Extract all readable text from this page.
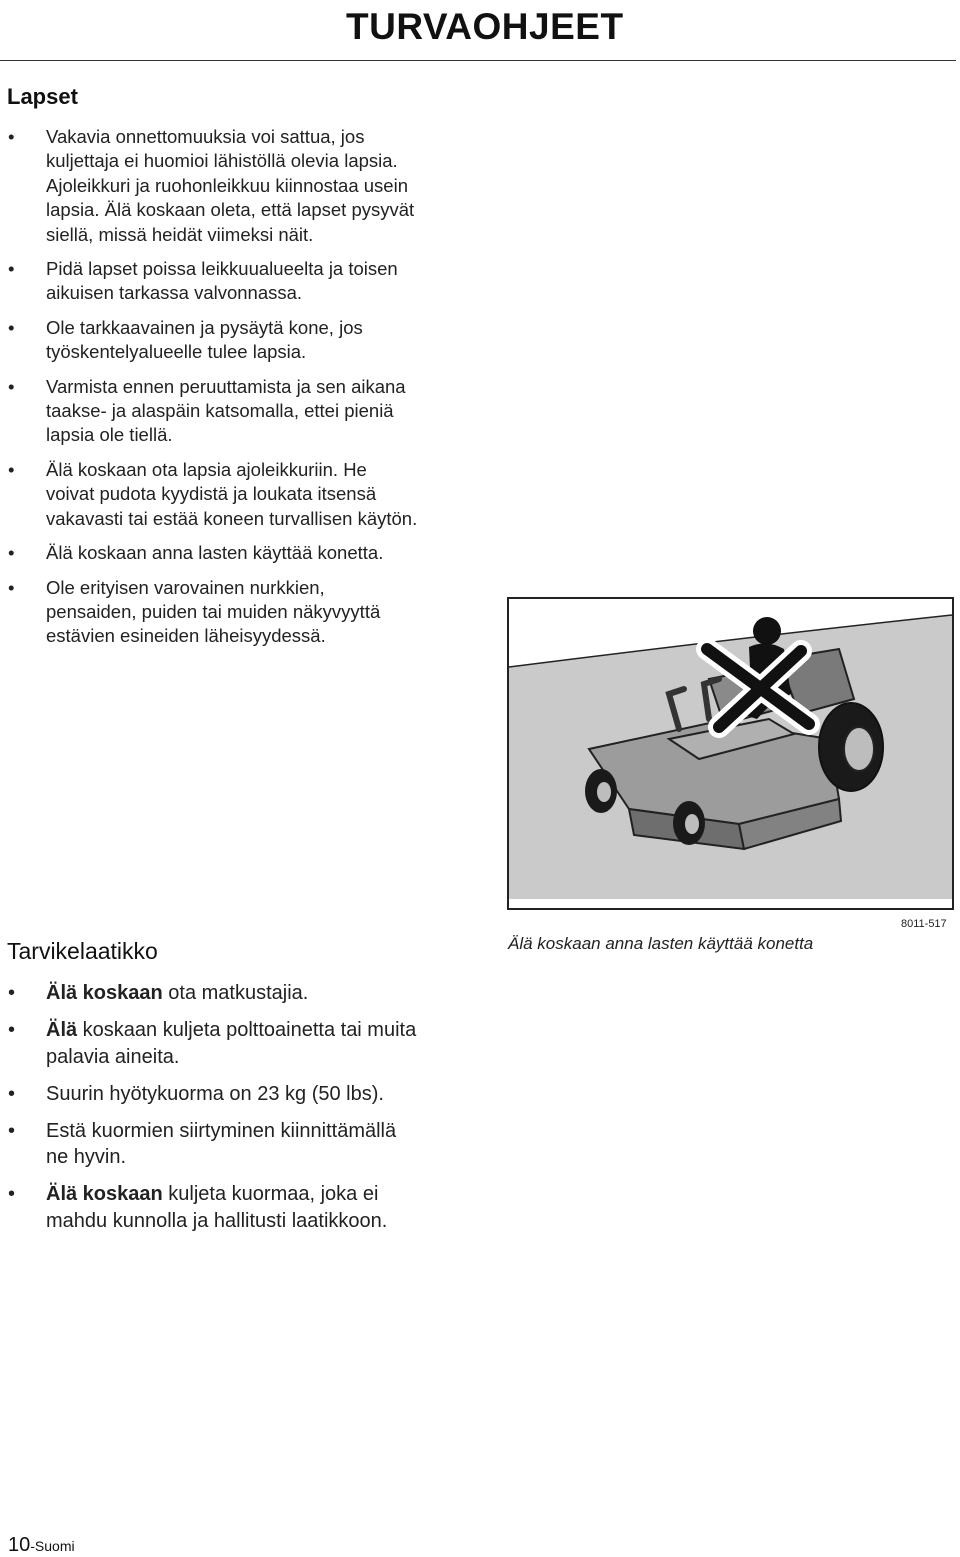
TURVAOHJEET
Lapset
• Vakavia onnettomuuksia voi sattua, jos kuljettaja ei huomioi lähistöllä olevia lapsia. Ajoleikkuri ja ruohonleikkuu kiinnostaa usein lapsia. Älä koskaan oleta, että lapset pysyvät siellä, missä heidät viimeksi näit.
• Pidä lapset poissa leikkuualueelta ja toisen aikuisen tarkassa valvonnassa.
• Ole tarkkaavainen ja pysäytä kone, jos työskentelyalueelle tulee lapsia.
• Varmista ennen peruuttamista ja sen aikana taakse- ja alaspäin katsomalla, ettei pieniä lapsia ole tiellä.
• Älä koskaan ota lapsia ajoleikkuriin. He voivat pudota kyydistä ja loukata itsensä vakavasti tai estää koneen turvallisen käytön.
• Älä koskaan anna lasten käyttää konetta.
• Ole erityisen varovainen nurkkien, pensaiden, puiden tai muiden näkyvyyttä estävien esineiden läheisyydessä.
Tarvikelaatikko
• Älä koskaan ota matkustajia.
• Älä koskaan kuljeta polttoainetta tai muita palavia aineita.
• Suurin hyötykuorma on 23 kg (50 lbs).
• Estä kuormien siirtyminen kiinnittämällä ne hyvin.
• Älä koskaan kuljeta kuormaa, joka ei mahdu kunnolla ja hallitusti laatikkoon.
8011-517
Älä koskaan anna lasten käyttää konetta
10-Suomi
